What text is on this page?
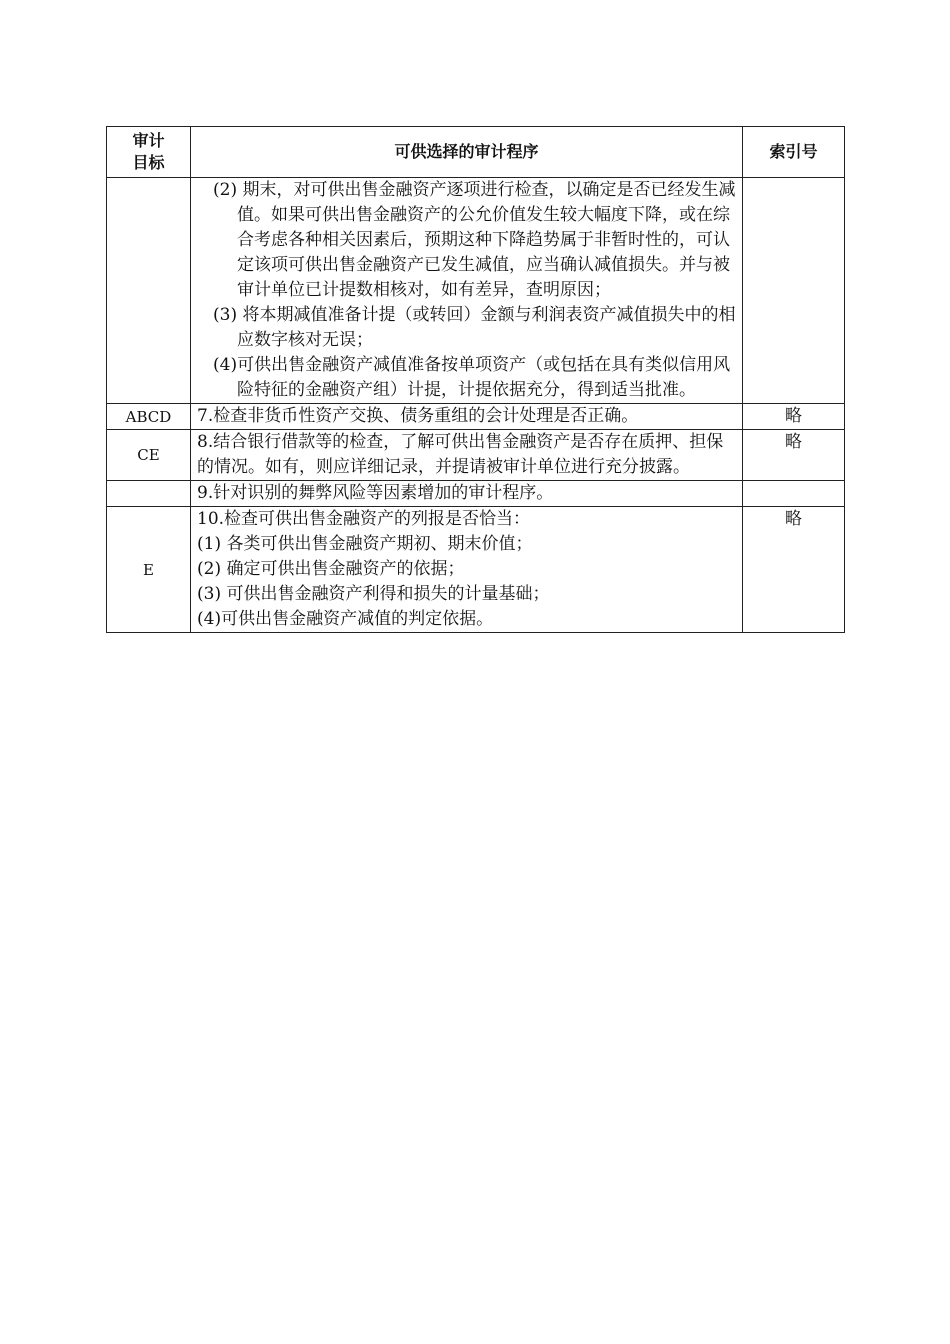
审计
目标	可供选择的审计程序	索引号

	(2) 期末，对可供出售金融资产逐项进行检查，以确定是否已经发生减值。如果可供出售金融资产的公允价值发生较大幅度下降，或在综合考虑各种相关因素后，预期这种下降趋势属于非暂时性的，可认定该项可供出售金融资产已发生减值，应当确认减值损失。并与被审计单位已计提数相核对，如有差异，查明原因；

(3) 将本期减值准备计提（或转回）金额与利润表资产减值损失中的相应数字核对无误；

(4)可供出售金融资产减值准备按单项资产（或包括在具有类似信用风险特征的金融资产组）计提，计提依据充分，得到适当批准。	

ABCD	7.检查非货币性资产交换、债务重组的会计处理是否正确。	略
CE	8.结合银行借款等的检查，了解可供出售金融资产是否存在质押、担保的情况。如有，则应详细记录，并提请被审计单位进行充分披露。	略

	9.针对识别的舞弊风险等因素增加的审计程序。	

E	10.检查可供出售金融资产的列报是否恰当：

(1) 各类可供出售金融资产期初、期末价值；

(2) 确定可供出售金融资产的依据；

(3) 可供出售金融资产利得和损失的计量基础；

(4)可供出售金融资产减值的判定依据。	略
